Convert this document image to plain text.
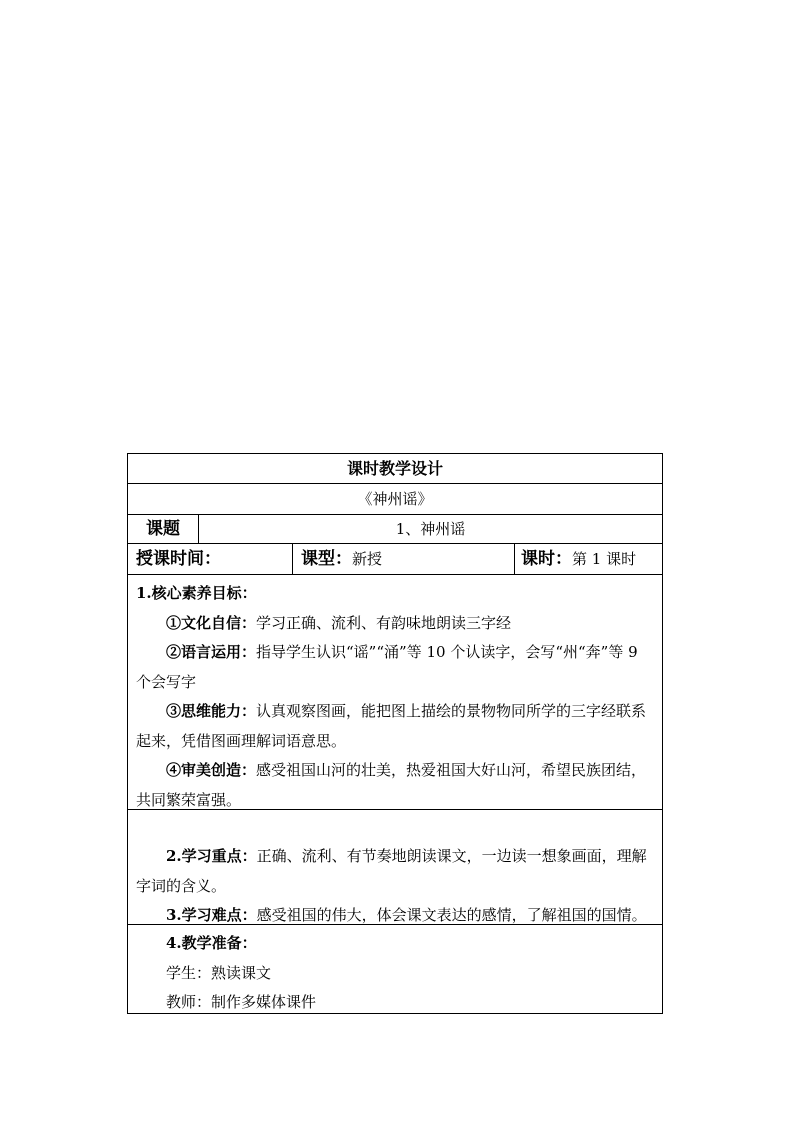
课时教学设计
《神州谣》
课题	1、神州谣
授课时间：	课型：新授	课时：第 1 课时
1.核心素养目标：
①文化自信：学习正确、流利、有韵味地朗读三字经
②语言运用：指导学生认识“谣”“涌”等 10 个认读字，会写“州“奔”等 9 个会写字
③思维能力：认真观察图画，能把图上描绘的景物物同所学的三字经联系起来，凭借图画理解词语意思。
④审美创造：感受祖国山河的壮美，热爱祖国大好山河，希望民族团结，共同繁荣富强。
2.学习重点：正确、流利、有节奏地朗读课文，一边读一想象画面，理解字词的含义。
3.学习难点：感受祖国的伟大，体会课文表达的感情，了解祖国的国情。
4.教学准备：
学生：熟读课文
教师：制作多媒体课件
